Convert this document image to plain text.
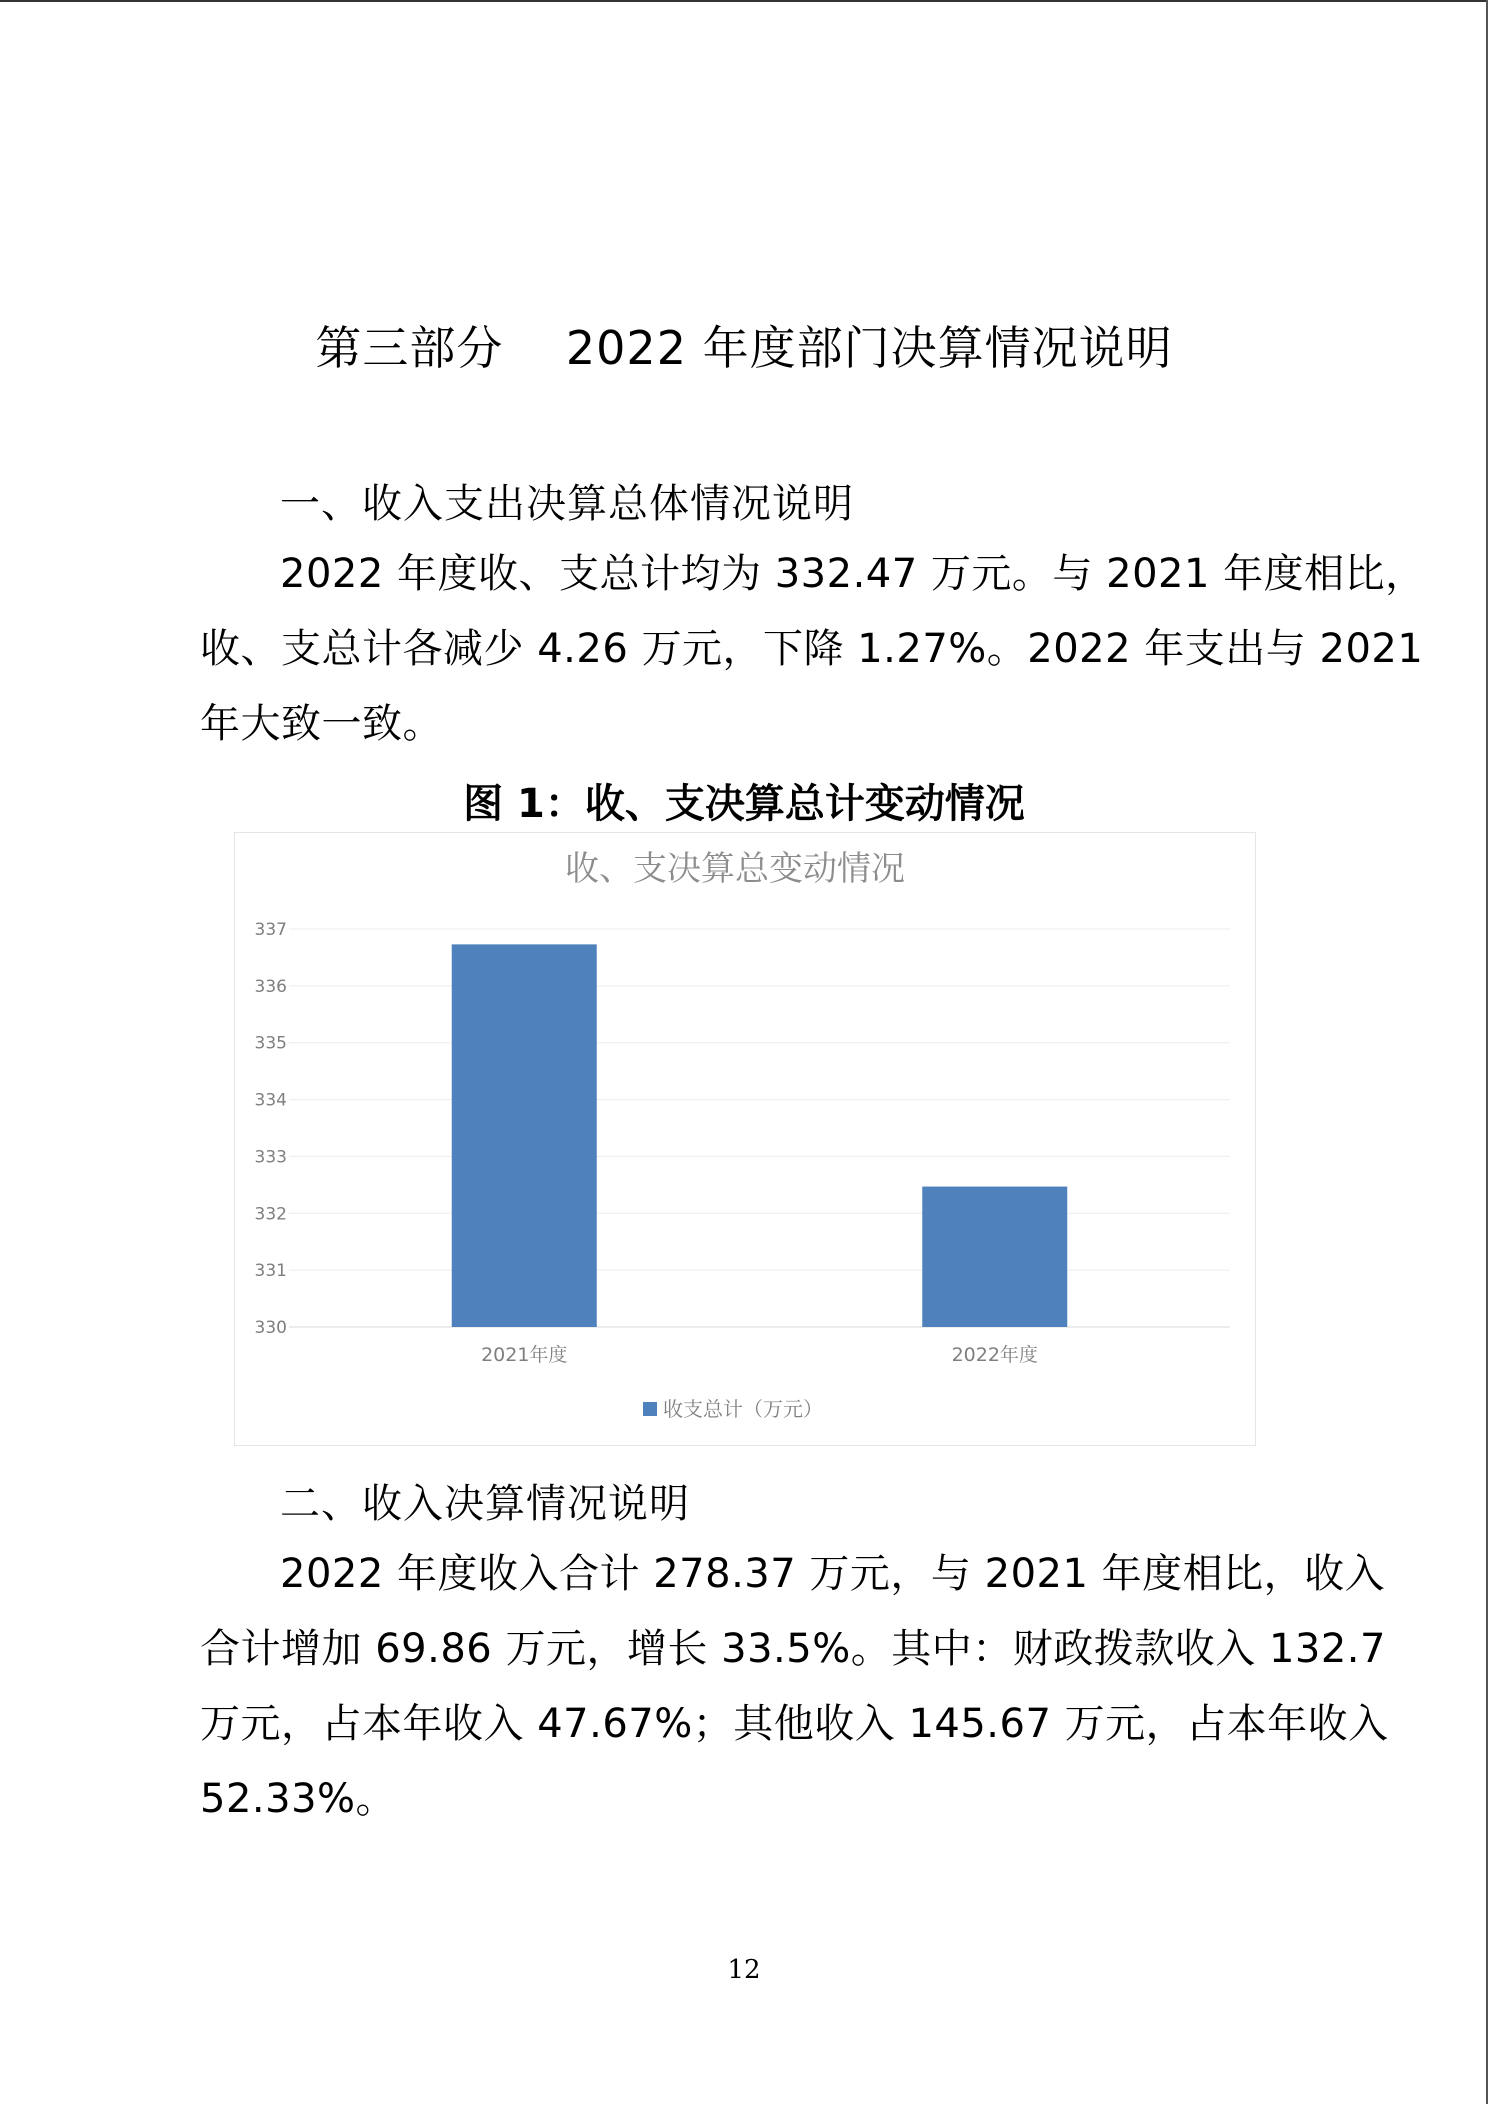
第三部分    2022 年度部门决算情况说明
一、收入支出决算总体情况说明
2022 年度收、支总计均为 332.47 万元。与 2021 年度相比，
收、支总计各减少 4.26 万元，下降 1.27%。2022 年支出与 2021
年大致一致。
图 1：收、支决算总计变动情况
收、支决算总变动情况
330
331
332
333
334
335
336
337
2021年度	2022年度
收支总计（万元）
二、收入决算情况说明
2022 年度收入合计 278.37 万元，与 2021 年度相比，收入
合计增加 69.86 万元，增长 33.5%。其中：财政拨款收入 132.7
万元，占本年收入 47.67%；其他收入 145.67 万元，占本年收入
52.33%。
12
